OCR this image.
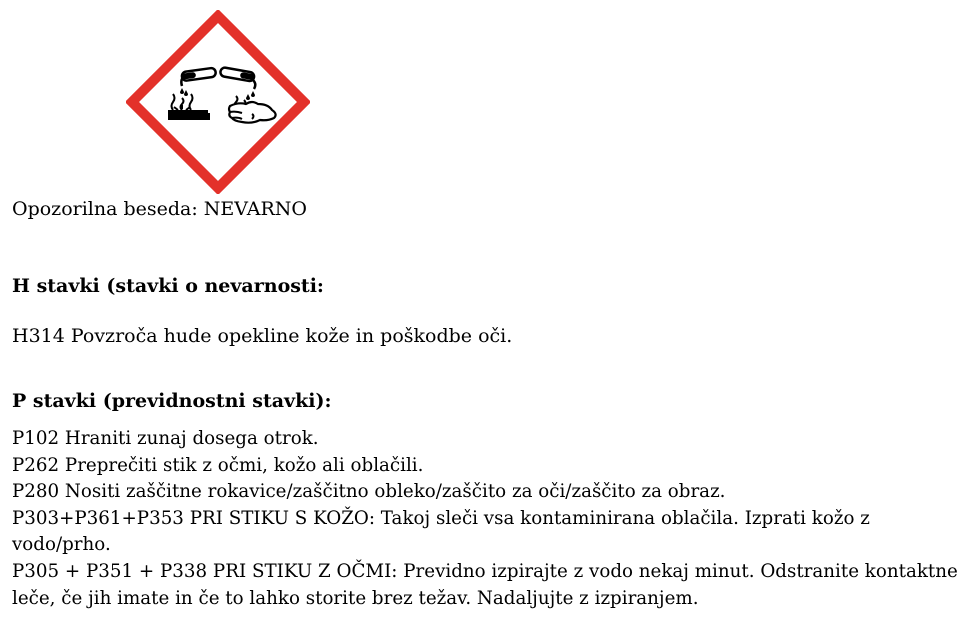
Opozorilna beseda: NEVARNO

H stavki (stavki o nevarnosti:

H314 Povzroča hude opekline kože in poškodbe oči.

P stavki (previdnostni stavki):

P102 Hraniti zunaj dosega otrok.
P262 Preprečiti stik z očmi, kožo ali oblačili.
P280 Nositi zaščitne rokavice/zaščitno obleko/zaščito za oči/zaščito za obraz.
P303+P361+P353 PRI STIKU S KOŽO: Takoj sleči vsa kontaminirana oblačila. Izprati kožo z
vodo/prho.
P305 + P351 + P338 PRI STIKU Z OČMI: Previdno izpirajte z vodo nekaj minut. Odstranite kontaktne
leče, če jih imate in če to lahko storite brez težav. Nadaljujte z izpiranjem.
